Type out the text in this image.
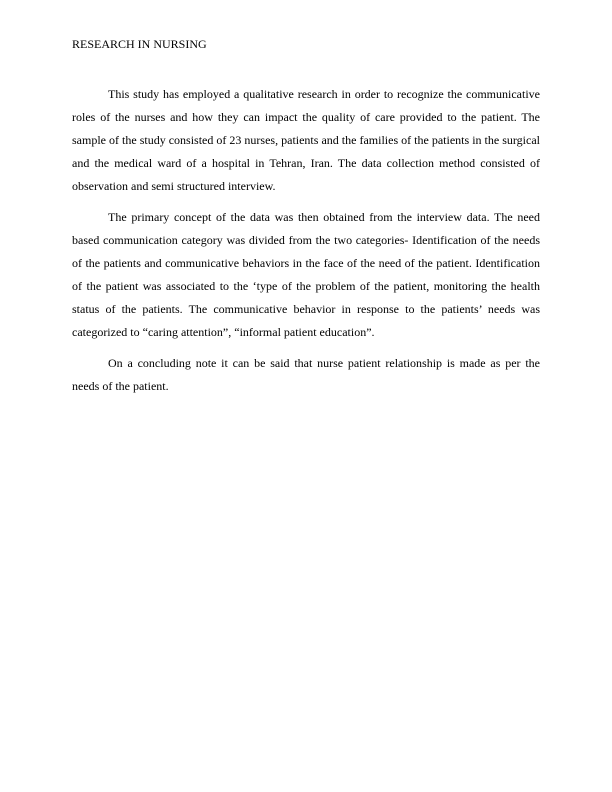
RESEARCH IN NURSING

This study has employed a qualitative research in order to recognize the communicative roles of the nurses and how they can impact the quality of care provided to the patient. The sample of the study consisted of 23 nurses, patients and the families of the patients in the surgical and the medical ward of a hospital in Tehran, Iran. The data collection method consisted of observation and semi structured interview.

The primary concept of the data was then obtained from the interview data. The need based communication category was divided from the two categories- Identification of the needs of the patients and communicative behaviors in the face of the need of the patient. Identification of the patient was associated to the ‘type of the problem of the patient, monitoring the health status of the patients. The communicative behavior in response to the patients’ needs was categorized to “caring attention”, “informal patient education”.

On a concluding note it can be said that nurse patient relationship is made as per the needs of the patient.
